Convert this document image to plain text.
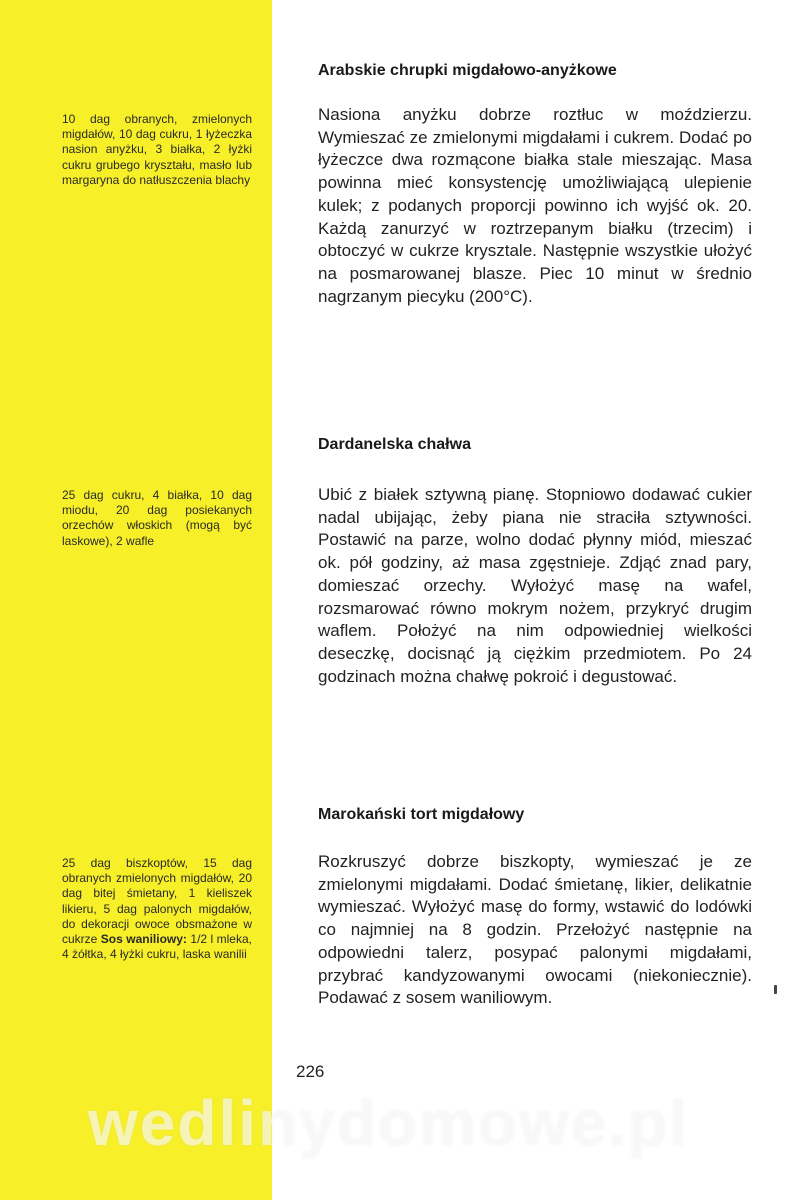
10 dag obranych, zmielonych migdałów, 10 dag cukru, 1 łyżeczka nasion anyżku, 3 białka, 2 łyżki cukru grubego kryształu, masło lub margaryna do natłuszczenia blachy
Arabskie chrupki migdałowo-anyżkowe

Nasiona anyżku dobrze roztłuc w moździerzu. Wymieszać ze zmielonymi migdałami i cukrem. Dodać po łyżeczce dwa rozmącone białka stale mieszając. Masa powinna mieć konsystencję umożliwiającą ulepienie kulek; z podanych proporcji powinno ich wyjść ok. 20. Każdą zanurzyć w roztrzepanym białku (trzecim) i obtoczyć w cukrze krysztale. Następnie wszystkie ułożyć na posmarowanej blasze. Piec 10 minut w średnio nagrzanym piecyku (200°C).

25 dag cukru, 4 białka, 10 dag miodu, 20 dag posiekanych orzechów włoskich (mogą być laskowe), 2 wafle
Dardanelska chałwa

Ubić z białek sztywną pianę. Stopniowo dodawać cukier nadal ubijając, żeby piana nie straciła sztywności. Postawić na parze, wolno dodać płynny miód, mieszać ok. pół godziny, aż masa zgęstnieje. Zdjąć znad pary, domieszać orzechy. Wyłożyć masę na wafel, rozsmarować równo mokrym nożem, przykryć drugim waflem. Położyć na nim odpowiedniej wielkości deseczkę, docisnąć ją ciężkim przedmiotem. Po 24 godzinach można chałwę pokroić i degustować.

25 dag biszkoptów, 15 dag obranych zmielonych migdałów, 20 dag bitej śmietany, 1 kieliszek likieru, 5 dag palonych migdałów, do dekoracji owoce obsmażone w cukrze Sos waniliowy: 1/2 l mleka, 4 żółtka, 4 łyżki cukru, laska wanilii
Marokański tort migdałowy

Rozkruszyć dobrze biszkopty, wymieszać je ze zmielonymi migdałami. Dodać śmietanę, likier, delikatnie wymieszać. Wyłożyć masę do formy, wstawić do lodówki co najmniej na 8 godzin. Przełożyć następnie na odpowiedni talerz, posypać palonymi migdałami, przybrać kandyzowanymi owocami (niekoniecznie). Podawać z sosem waniliowym.

226
wedlinydomowe.pl
